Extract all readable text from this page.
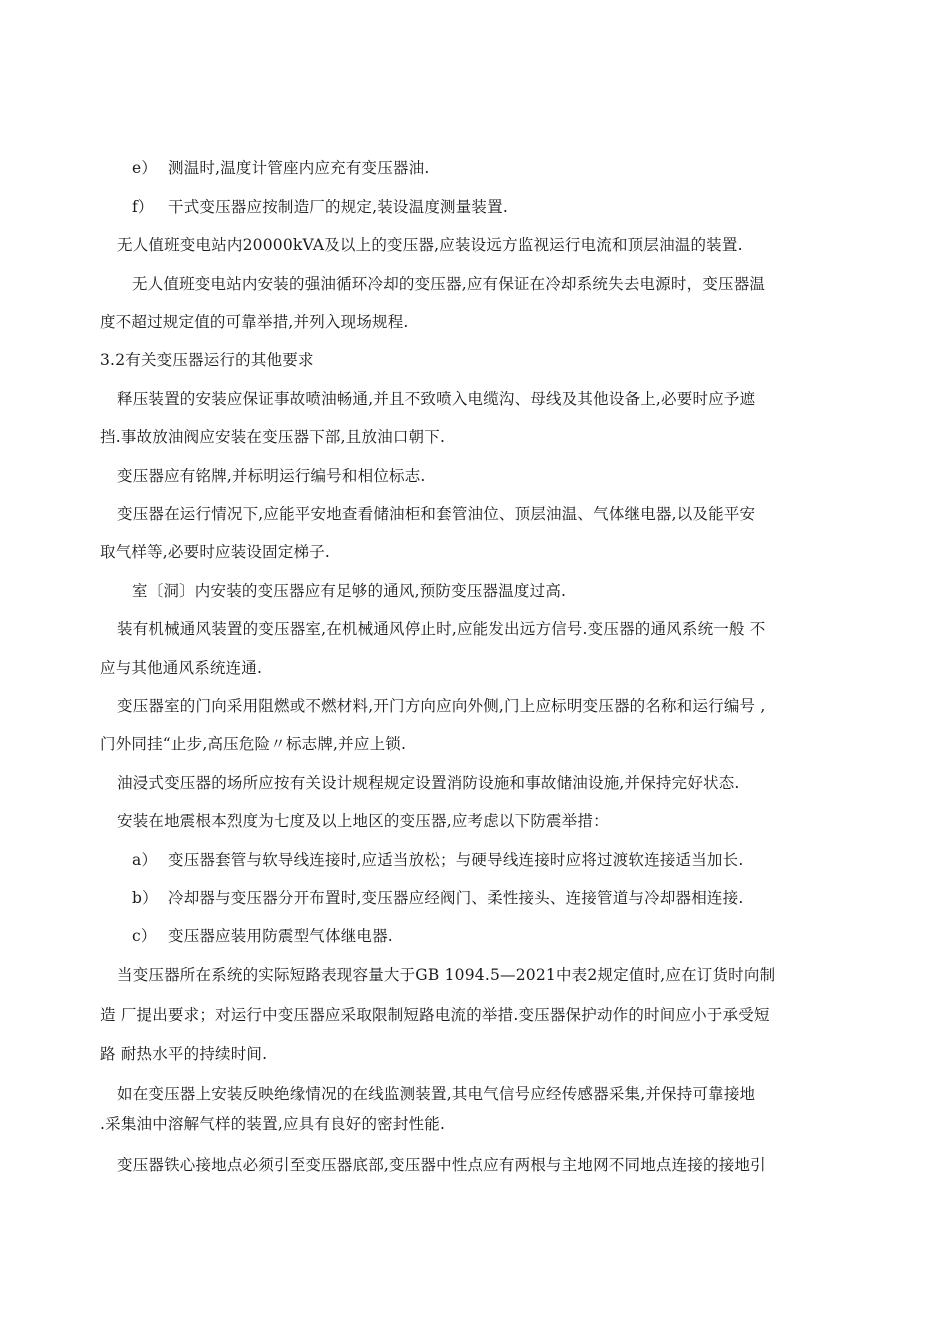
e） 测温时,温度计管座内应充有变压器油.
f） 干式变压器应按制造厂的规定,装设温度测量装置.
无人值班变电站内20000kVA及以上的变压器,应装设远方监视运行电流和顶层油温的装置.
无人值班变电站内安装的强油循环冷却的变压器,应有保证在冷却系统失去电源时，变压器温
度不超过规定值的可靠举措,并列入现场规程.
3.2有关变压器运行的其他要求
释压装置的安装应保证事故喷油畅通,并且不致喷入电缆沟、母线及其他设备上,必要时应予遮
挡.事故放油阀应安装在变压器下部,且放油口朝下.
变压器应有铭牌,并标明运行编号和相位标志.
变压器在运行情况下,应能平安地查看储油柜和套管油位、顶层油温、气体继电器,以及能平安
取气样等,必要时应装设固定梯子.
室〔洞〕内安装的变压器应有足够的通风,预防变压器温度过高.
装有机械通风装置的变压器室,在机械通风停止时,应能发出远方信号.变压器的通风系统一般 不
应与其他通风系统连通.
变压器室的门向采用阻燃或不燃材料,开门方向应向外侧,门上应标明变压器的名称和运行编号 ,
门外同挂“止步,高压危险〃标志牌,并应上锁.
油浸式变压器的场所应按有关设计规程规定设置消防设施和事故储油设施,并保持完好状态.
安装在地震根本烈度为七度及以上地区的变压器,应考虑以下防震举措：
a） 变压器套管与软导线连接时,应适当放松；与硬导线连接时应将过渡软连接适当加长.
b） 冷却器与变压器分开布置时,变压器应经阀门、柔性接头、连接管道与冷却器相连接.
c） 变压器应装用防震型气体继电器.
当变压器所在系统的实际短路表现容量大于GB 1094.5—2021中表2规定值时,应在订货时向制
造 厂提出要求；对运行中变压器应采取限制短路电流的举措.变压器保护动作的时间应小于承受短
路 耐热水平的持续时间.
如在变压器上安装反映绝缘情况的在线监测装置,其电气信号应经传感器采集,并保持可靠接地
.采集油中溶解气样的装置,应具有良好的密封性能.
变压器铁心接地点必须引至变压器底部,变压器中性点应有两根与主地网不同地点连接的接地引
